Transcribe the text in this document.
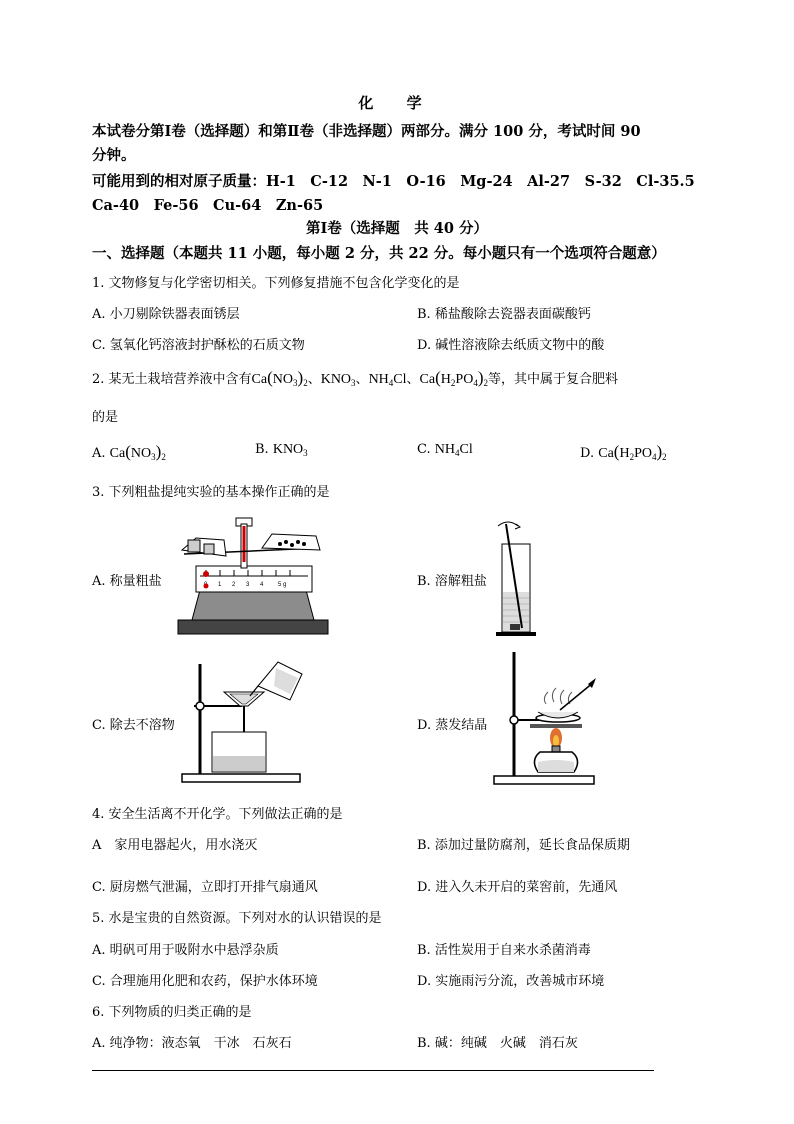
化 学
本试卷分第Ⅰ卷（选择题）和第Ⅱ卷（非选择题）两部分。满分 100 分，考试时间 90
分钟。
可能用到的相对原子质量：H-1　C-12　N-1　O-16　Mg-24　Al-27　S-32　Cl-35.5
Ca-40　Fe-56　Cu-64　Zn-65
第Ⅰ卷（选择题　共 40 分）
一、选择题（本题共 11 小题，每小题 2 分，共 22 分。每小题只有一个选项符合题意）
1. 文物修复与化学密切相关。下列修复措施不包含化学变化的是
A. 小刀剔除铁器表面锈层	B. 稀盐酸除去瓷器表面碳酸钙
C. 氢氧化钙溶液封护酥松的石质文物	D. 碱性溶液除去纸质文物中的酸
2. 某无土栽培营养液中含有$Ca(NO_3)_2$、$KNO_3$、$NH_4Cl$、$Ca(H_2PO_4)_2$等，其中属于复合肥料
的是
A. $Ca(NO_3)_2$	B. $KNO_3$	C. $NH_4Cl$	D. $Ca(H_2PO_4)_2$
3. 下列粗盐提纯实验的基本操作正确的是
1 2 3 4 5 g
A. 称量粗盐	B. 溶解粗盐
C. 除去不溶物	D. 蒸发结晶
4. 安全生活离不开化学。下列做法正确的是
A　家用电器起火，用水浇灭	B. 添加过量防腐剂，延长食品保质期
C. 厨房燃气泄漏，立即打开排气扇通风	D. 进入久未开启的菜窖前，先通风
5. 水是宝贵的自然资源。下列对水的认识错误的是
A. 明矾可用于吸附水中悬浮杂质	B. 活性炭用于自来水杀菌消毒
C. 合理施用化肥和农药，保护水体环境	D. 实施雨污分流，改善城市环境
6. 下列物质的归类正确的是
A. 纯净物：液态氧　干冰　石灰石	B. 碱：纯碱　火碱　消石灰
